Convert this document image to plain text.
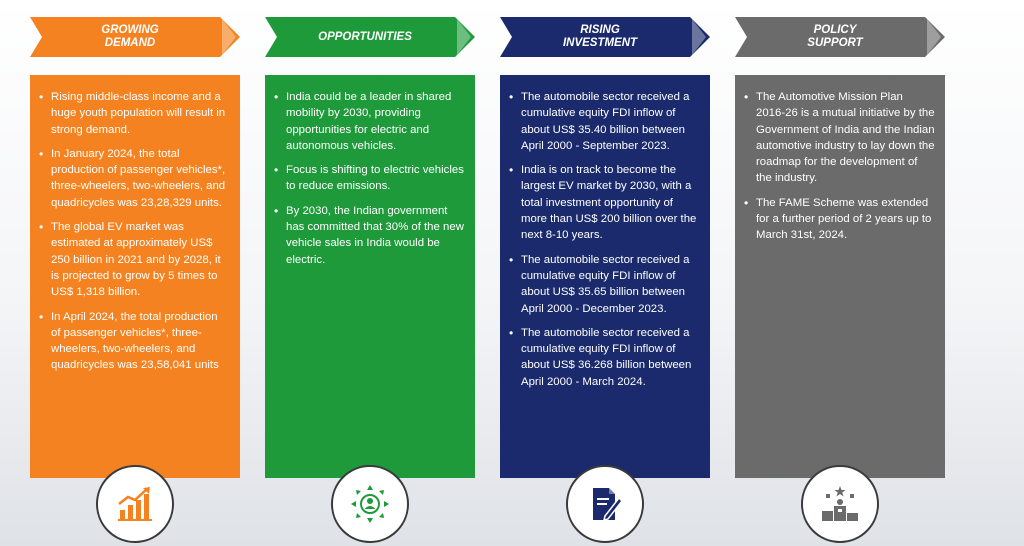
GROWING
DEMAND
• Rising middle-class income and a huge youth population will result in strong demand.
• In January 2024, the total production of passenger vehicles*, three-wheelers, two-wheelers, and quadricycles was 23,28,329 units.
• The global EV market was estimated at approximately US$ 250 billion in 2021 and by 2028, it is projected to grow by 5 times to US$ 1,318 billion.
• In April 2024, the total production of passenger vehicles*, three-wheelers, two-wheelers, and quadricycles was 23,58,041 units
OPPORTUNITIES
• India could be a leader in shared mobility by 2030, providing opportunities for electric and autonomous vehicles.
• Focus is shifting to electric vehicles to reduce emissions.
• By 2030, the Indian government has committed that 30% of the new vehicle sales in India would be electric.
RISING
INVESTMENT
• The automobile sector received a cumulative equity FDI inflow of about US$ 35.40 billion between April 2000 - September 2023.
• India is on track to become the largest EV market by 2030, with a total investment opportunity of more than US$ 200 billion over the next 8-10 years.
• The automobile sector received a cumulative equity FDI inflow of about US$ 35.65 billion between April 2000 - December 2023.
• The automobile sector received a cumulative equity FDI inflow of about US$ 36.268 billion between April 2000 - March 2024.
POLICY
SUPPORT
• The Automotive Mission Plan 2016-26 is a mutual initiative by the Government of India and the Indian automotive industry to lay down the roadmap for the development of the industry.
• The FAME Scheme was extended for a further period of 2 years up to March 31st, 2024.
